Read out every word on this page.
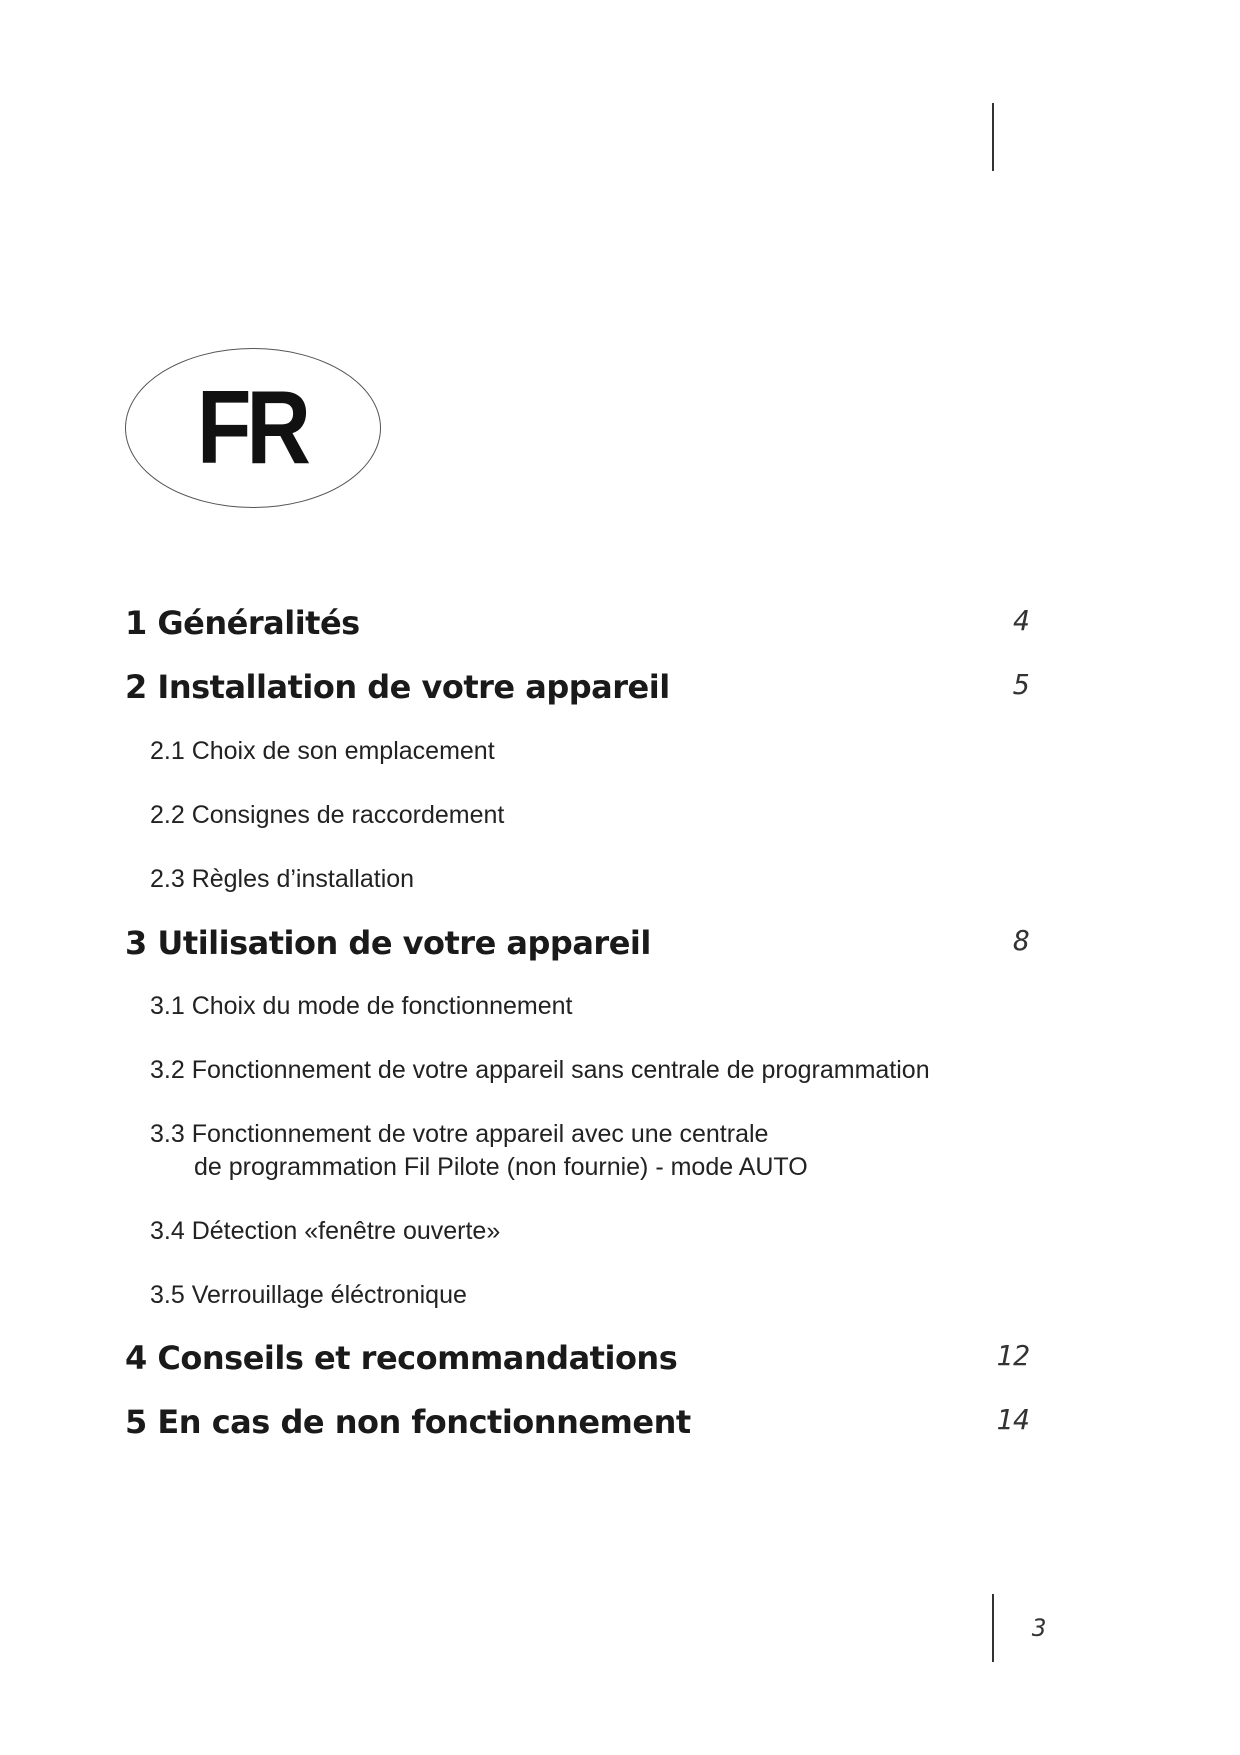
FR
1 Généralités	4
2 Installation de votre appareil	5
2.1 Choix de son emplacement
2.2 Consignes de raccordement
2.3 Règles d’installation
3 Utilisation de votre appareil	8
3.1 Choix du mode de fonctionnement
3.2 Fonctionnement de votre appareil sans centrale de programmation
3.3 Fonctionnement de votre appareil avec une centrale
de programmation Fil Pilote (non fournie) - mode AUTO
3.4 Détection «fenêtre ouverte»
3.5 Verrouillage éléctronique
4 Conseils et recommandations	12
5 En cas de non fonctionnement	14
3
